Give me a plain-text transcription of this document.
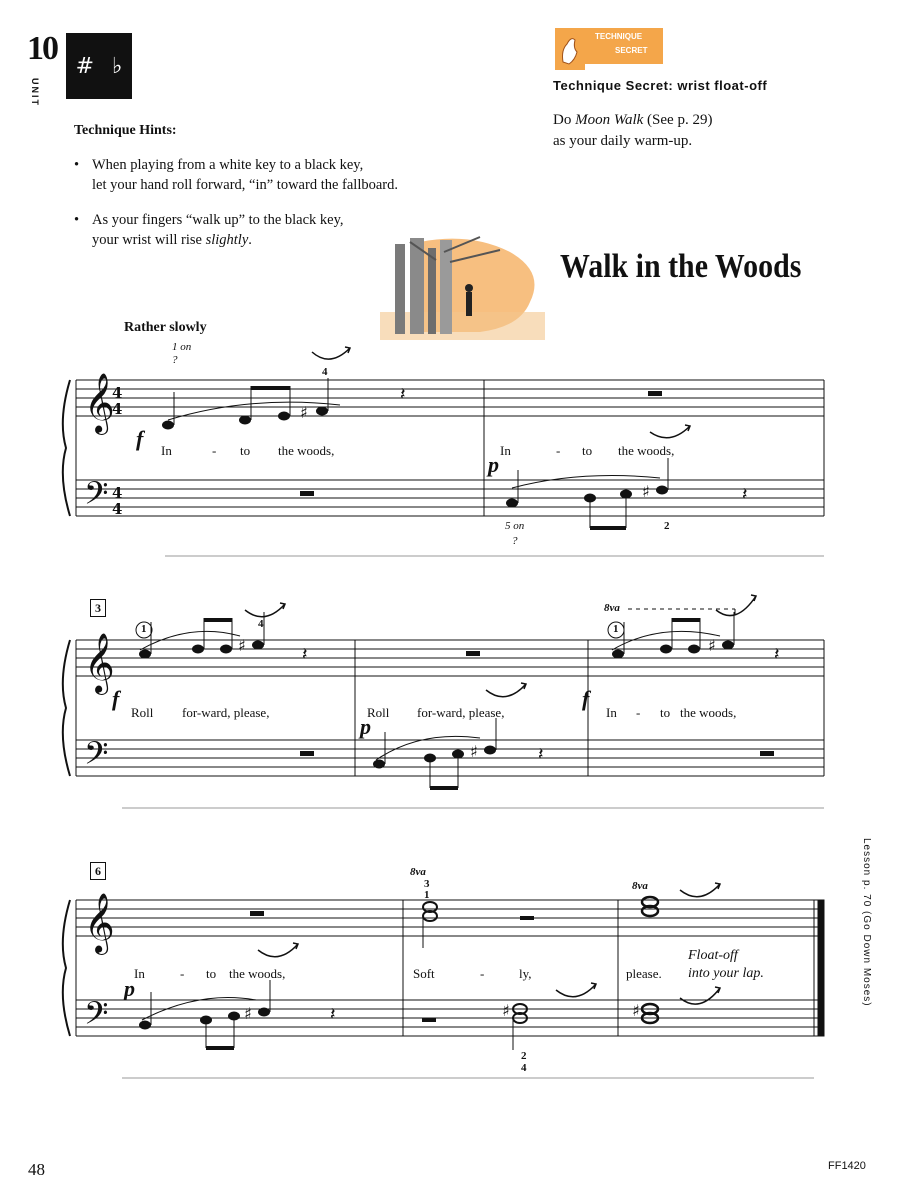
10
UNIT
# ♭
Technique Hints:
• When playing from a white key to a black key,
let your hand roll forward, “in” toward the fallboard.
• As your fingers “walk up” to the black key,
your wrist will rise slightly.
TECHNIQUE
SECRET
Technique Secret: wrist float-off
Do Moon Walk (See p. 29)
as your daily warm-up.
Walk in the Woods
Rather slowly
𝄞
𝄢
𝄞
𝄢
𝄞
𝄢
4
4
4
4
♯
𝄽
♯	𝄽
♯	𝄽
♯	𝄽
♯	𝄽
♯	𝄽	♯	♯
1 on
?
4
f In	- to the woods,	In	- to the woods,
p
5 on
?
2
3
1	4	1
8va
f
Roll for-ward, please,	Roll for-ward, please,
f
In - to the woods,
p
6	8va
3
1
8va
In	- to the woods,	Soft	-	ly,	please.
p
2
4
Float-off
into your lap.	Lesson p. 70 (Go Down Moses)
48	FF1420
